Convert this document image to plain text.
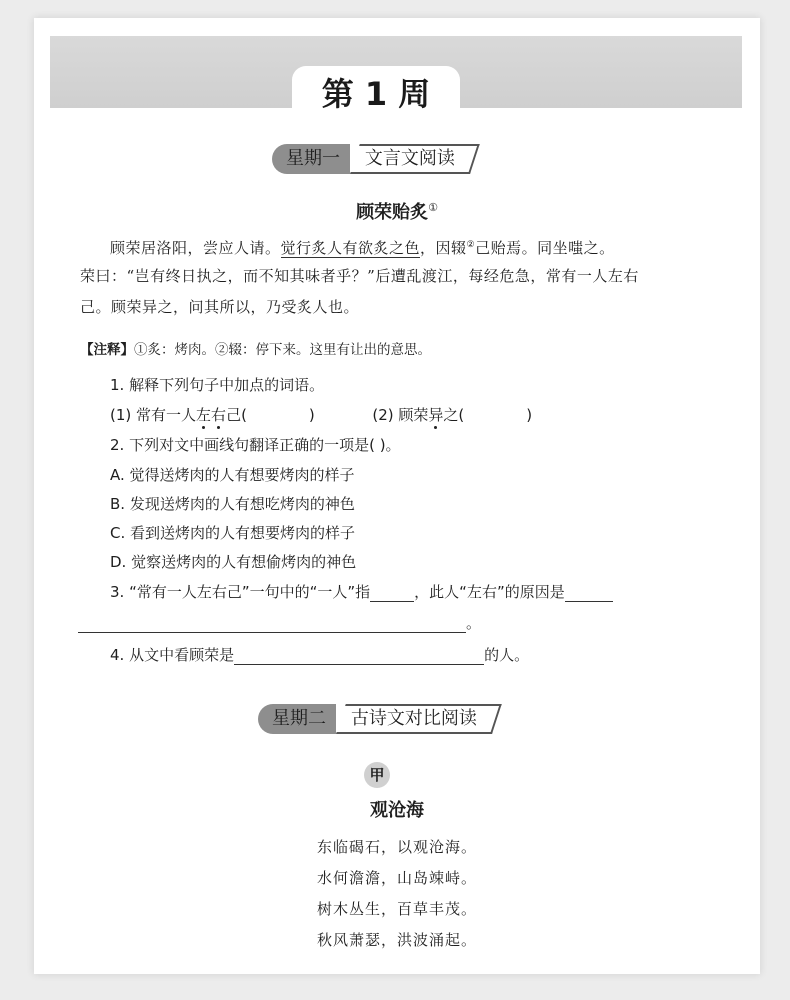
第 1 周
星期一	文言文阅读
顾荣贻炙①
顾荣居洛阳，尝应人请。觉行炙人有欲炙之色，因辍②己贻焉。同坐嗤之。
荣曰：“岂有终日执之，而不知其味者乎？”后遭乱渡江，每经危急，常有一人左右
己。顾荣异之，问其所以，乃受炙人也。
【注释】①炙：烤肉。②辍：停下来。这里有让出的意思。
1. 解释下列句子中加点的词语。
(1) 常有一人左右己(	)	(2) 顾荣异之(	)
2. 下列对文中画线句翻译正确的一项是( )。
A. 觉得送烤肉的人有想要烤肉的样子
B. 发现送烤肉的人有想吃烤肉的神色
C. 看到送烤肉的人有想要烤肉的样子
D. 觉察送烤肉的人有想偷烤肉的神色
3. “常有一人左右己”一句中的“一人”指	，此人“左右”的原因是
。
4. 从文中看顾荣是	的人。
星期二	古诗文对比阅读
甲
观沧海
东临碣石，以观沧海。
水何澹澹，山岛竦峙。
树木丛生，百草丰茂。
秋风萧瑟，洪波涌起。
